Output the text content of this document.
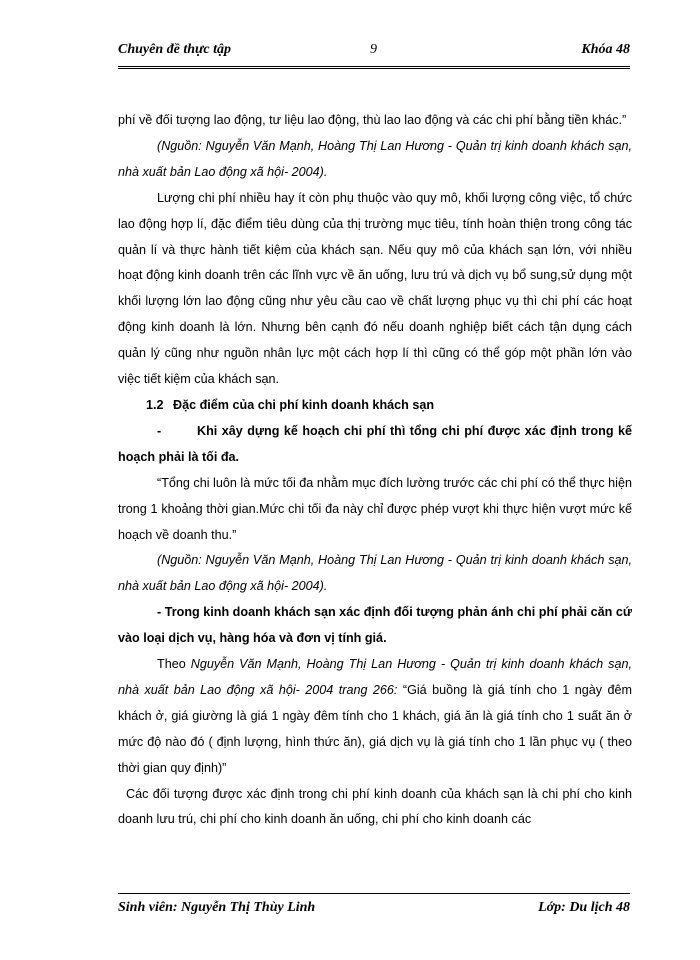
Chuyên đề thực tập	9	Khóa 48

phí về đối tượng lao động, tư liệu lao động, thù lao lao động và các chi phí bằng tiền khác.”

(Nguồn: Nguyễn Văn Mạnh, Hoàng Thị Lan Hương - Quản trị kinh doanh khách sạn, nhà xuất bản Lao động xã hội- 2004).

Lượng chi phí nhiều hay ít còn phụ thuộc vào quy mô, khối lượng công việc, tổ chức lao động hợp lí, đặc điểm tiêu dùng của thị trường mục tiêu, tính hoàn thiện trong công tác quản lí và thực hành tiết kiệm của khách sạn. Nếu quy mô của khách sạn lớn, với nhiều hoạt động kinh doanh trên các lĩnh vực về ăn uống, lưu trú và dịch vụ bổ sung,sử dụng một khối lượng lớn lao động cũng như yêu cầu cao về chất lượng phục vụ thì chi phí các hoạt động kinh doanh là lớn. Nhưng bên cạnh đó nếu doanh nghiệp biết cách tận dụng cách quản lý cũng như nguồn nhân lực một cách hợp lí thì cũng có thể góp một phần lớn vào việc tiết kiệm của khách sạn.

1.2 Đặc điểm của chi phí kinh doanh khách sạn

-        Khi xây dựng kế hoạch chi phí thì tổng chi phí được xác định trong kế hoạch phải là tối đa.

“Tổng chi luôn là mức tối đa nhằm mục đích lường trước các chi phí có thể thực hiện trong 1 khoảng thời gian.Mức chi tối đa này chỉ được phép vượt khi thực hiện vượt mức kế hoạch về doanh thu.”

(Nguồn: Nguyễn Văn Mạnh, Hoàng Thị Lan Hương - Quản trị kinh doanh khách sạn, nhà xuất bản Lao động xã hội- 2004).

- Trong kinh doanh khách sạn xác định đối tượng phản ánh chi phí phải căn cứ vào loại dịch vụ, hàng hóa và đơn vị tính giá.

Theo Nguyễn Văn Mạnh, Hoàng Thị Lan Hương - Quản trị kinh doanh khách sạn, nhà xuất bản Lao động xã hội- 2004 trang 266: “Giá buồng là giá tính cho 1 ngày đêm khách ở, giá giường là giá 1 ngày đêm tính cho 1 khách, giá ăn là giá tính cho 1 suất ăn ở mức độ nào đó ( định lượng, hình thức ăn), giá dịch vụ là giá tính cho 1 lần phục vụ ( theo thời gian quy định)”

Các đối tượng được xác định trong chi phí kinh doanh của khách sạn là chi phí cho kinh doanh lưu trú, chi phí cho kinh doanh ăn uống, chi phí cho kinh doanh các

Sinh viên: Nguyễn Thị Thùy Linh	Lớp: Du lịch 48
